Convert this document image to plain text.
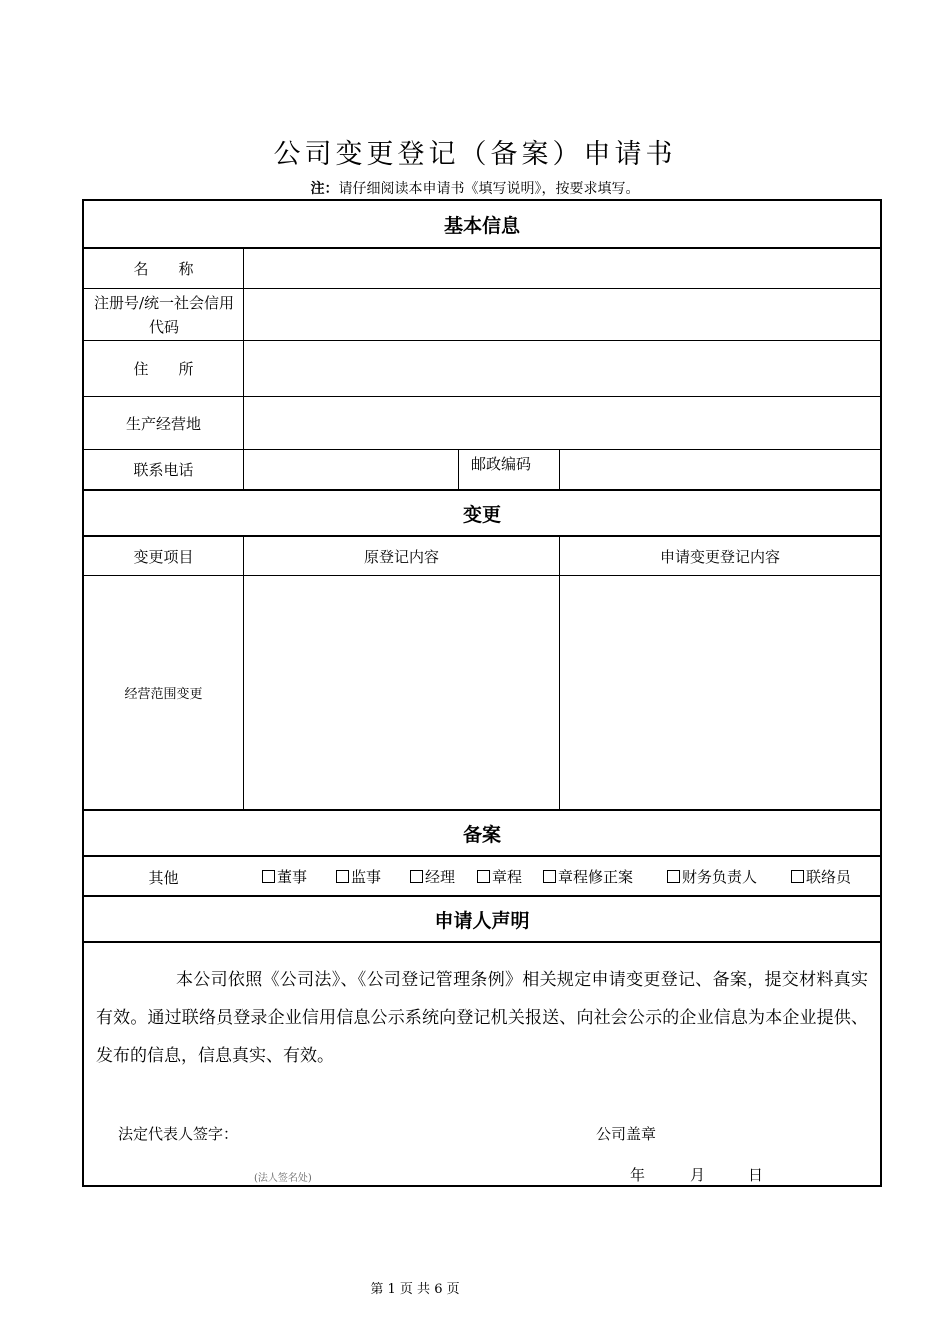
公司变更登记（备案）申请书
注：请仔细阅读本申请书《填写说明》，按要求填写。
基本信息
名　　称
注册号/统一社会信用代码
住　　所
生产经营地
联系电话	邮政编码
变更
变更项目	原登记内容	申请变更登记内容
经营范围变更
备案
其他	董事	监事	经理	章程	章程修正案	财务负责人	联络员
申请人声明
本公司依照《公司法》、《公司登记管理条例》相关规定申请变更登记、备案，提交材料真实有效。通过联络员登录企业信用信息公示系统向登记机关报送、向社会公示的企业信息为本企业提供、发布的信息，信息真实、有效。
法定代表人签字：
(法人签名处)
公司盖章
年	月	日
第 1 页 共 6 页
